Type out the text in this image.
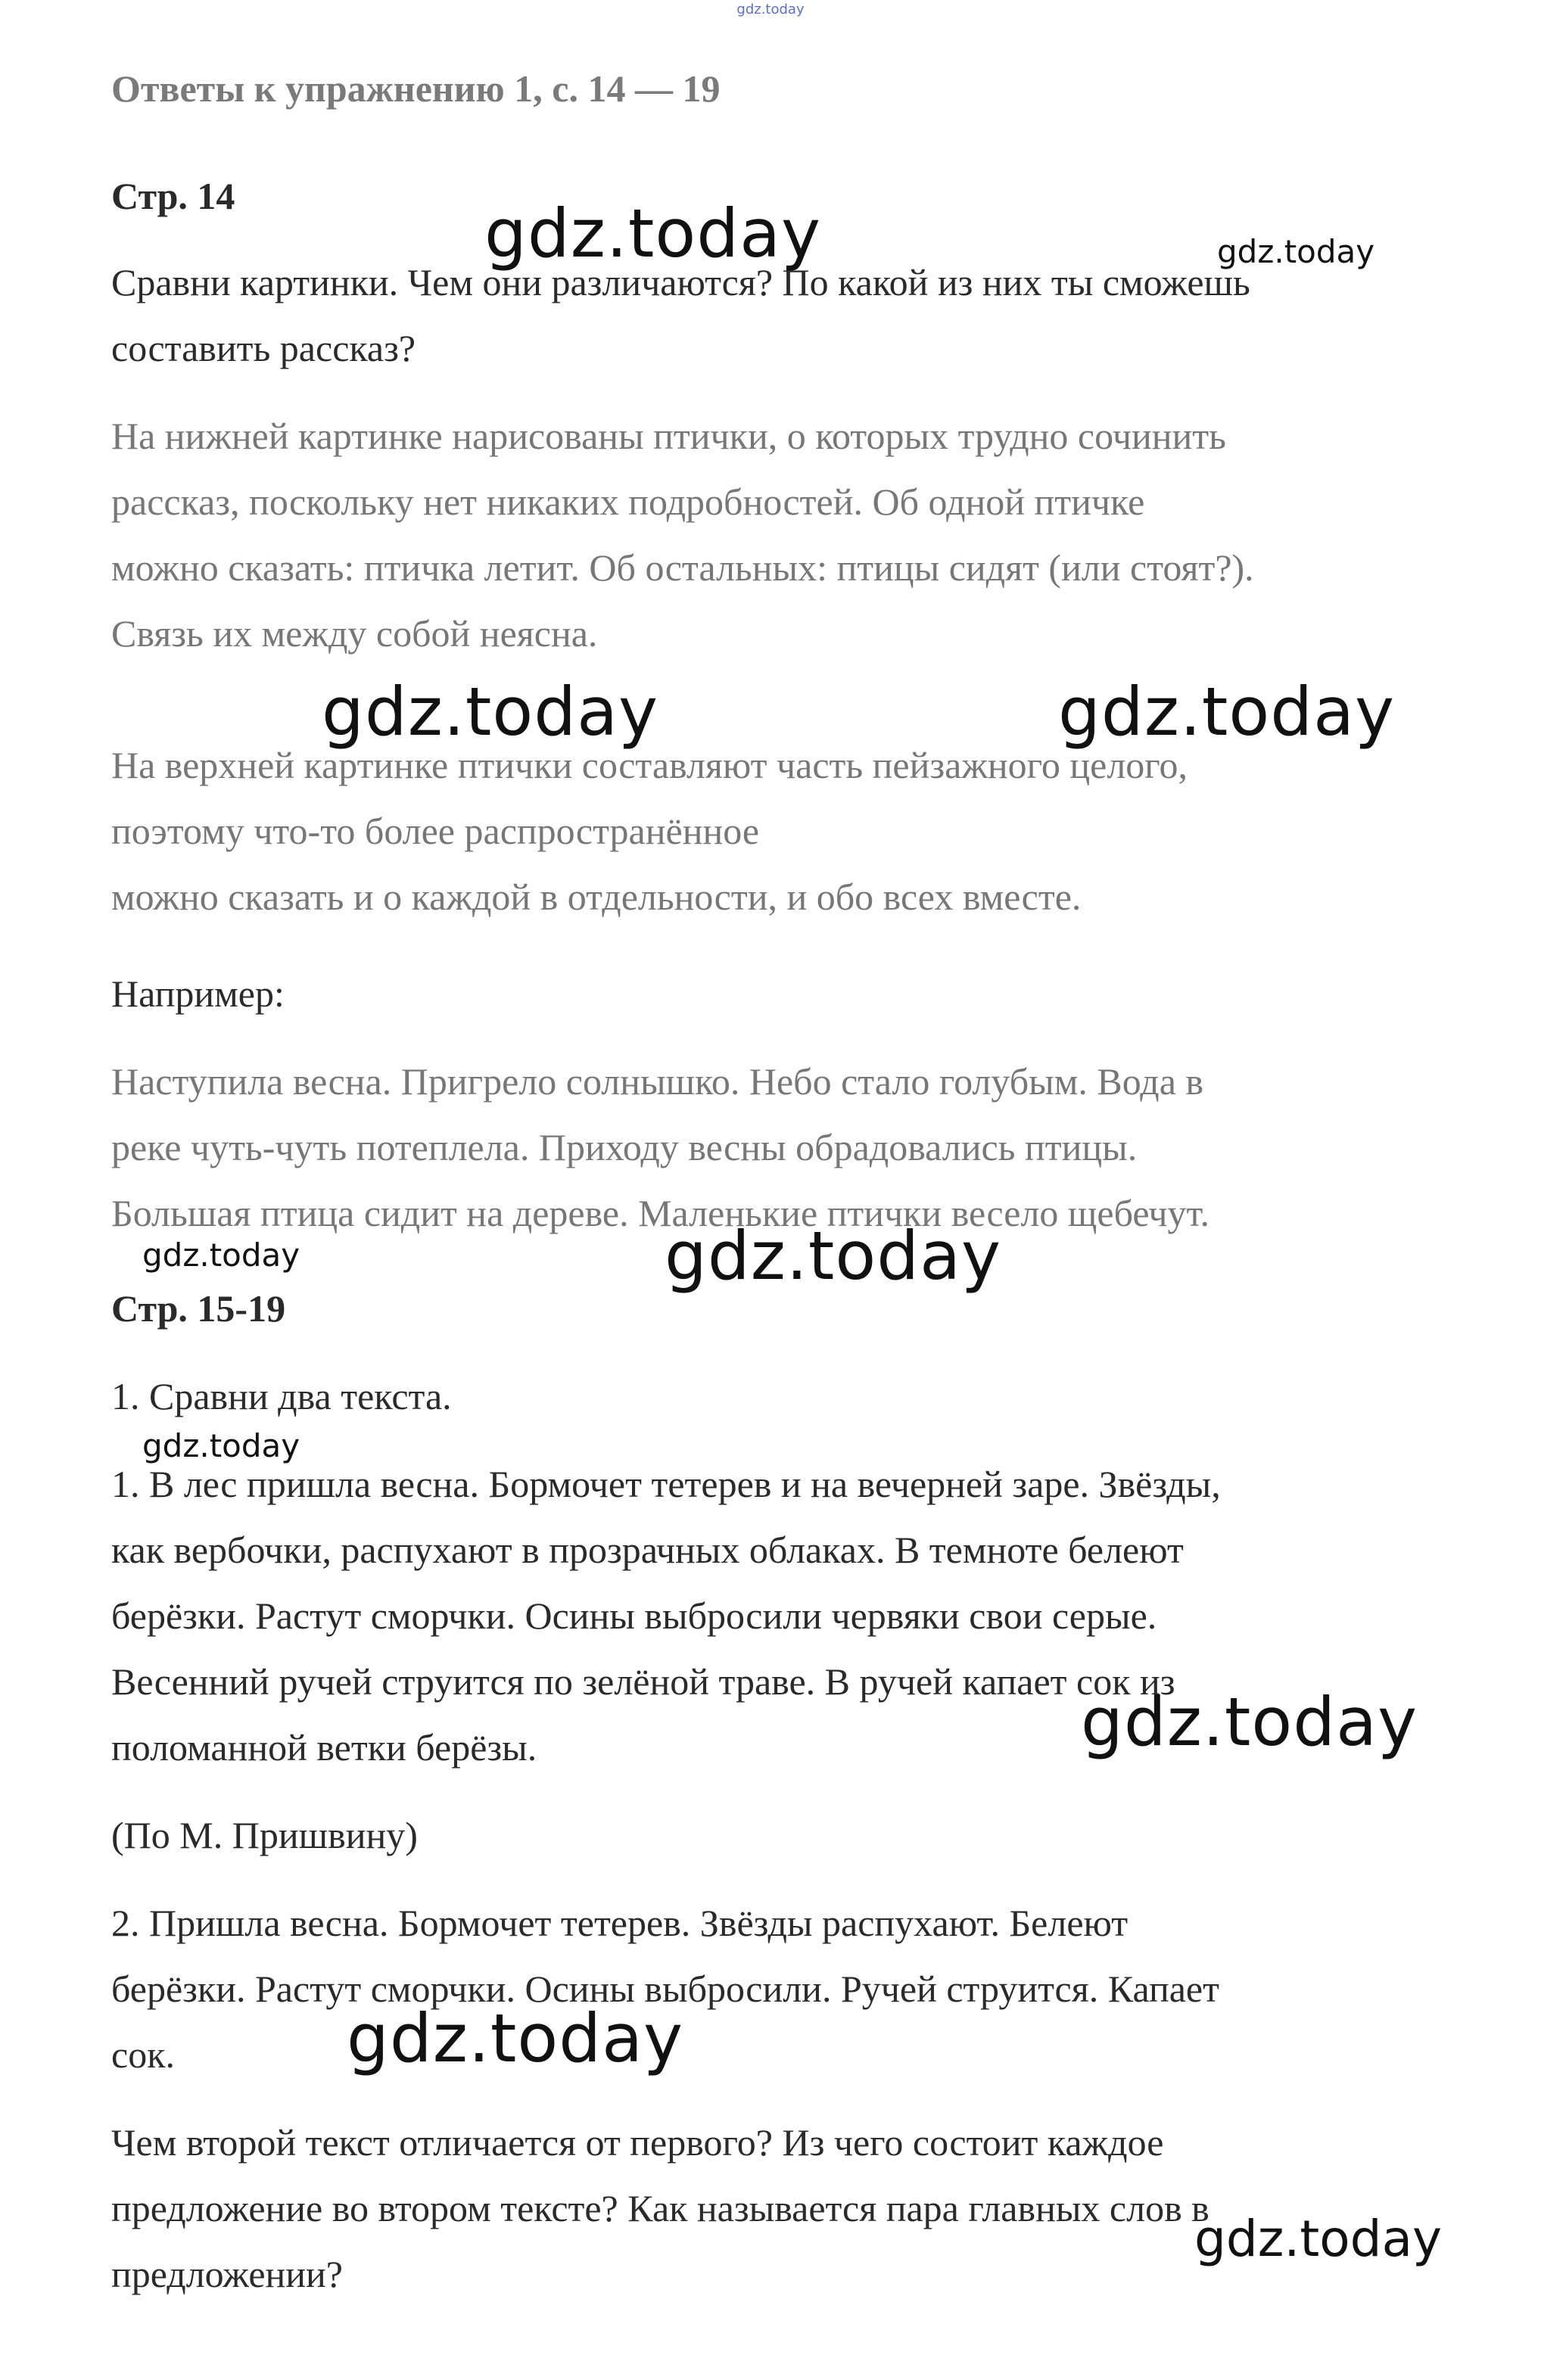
gdz.today
Ответы к упражнению 1, с. 14 — 19

Стр. 14

Сравни картинки. Чем они различаются? По какой из них ты сможешь

составить рассказ?

На нижней картинке нарисованы птички, о которых трудно сочинить

рассказ, поскольку нет никаких подробностей. Об одной птичке

можно сказать: птичка летит. Об остальных: птицы сидят (или стоят?).

Связь их между собой неясна.

На верхней картинке птички составляют часть пейзажного целого,

поэтому что-то более распространённое

можно сказать и о каждой в отдельности, и обо всех вместе.

Например:

Наступила весна. Пригрело солнышко. Небо стало голубым. Вода в

реке чуть-чуть потеплела. Приходу весны обрадовались птицы.

Большая птица сидит на дереве. Маленькие птички весело щебечут.

Стр. 15-19

1. Сравни два текста.

1. В лес пришла весна. Бормочет тетерев и на вечерней заре. Звёзды,

как вербочки, распухают в прозрачных облаках. В темноте белеют

берёзки. Растут сморчки. Осины выбросили червяки свои серые.

Весенний ручей струится по зелёной траве. В ручей капает сок из

поломанной ветки берёзы.

(По М. Пришвину)

2. Пришла весна. Бормочет тетерев. Звёзды распухают. Белеют

берёзки. Растут сморчки. Осины выбросили. Ручей струится. Капает

сок.

Чем второй текст отличается от первого? Из чего состоит каждое

предложение во втором тексте? Как называется пара главных слов в

предложении?

gdz.today	gdz.today
gdz.today	gdz.today
gdz.today	gdz.today
gdz.today
gdz.today
gdz.today
gdz.today
